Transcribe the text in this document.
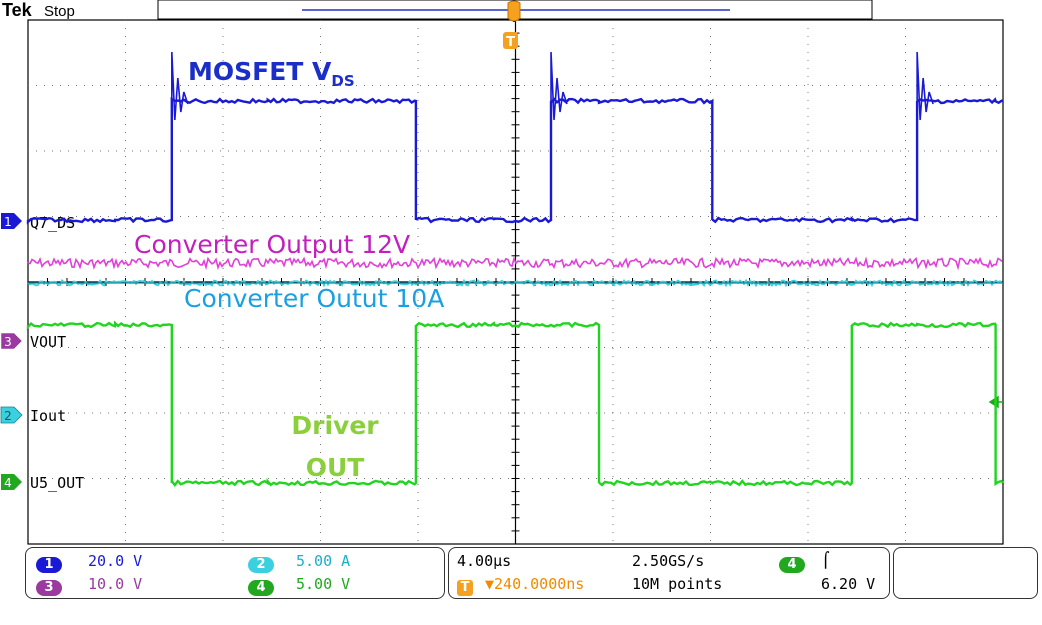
T
Tek Stop
1 Q7_DS
3 VOUT
2 Iout
4 U5_OUT
MOSFET $V_{DS}$
Converter Output 12V
Converter Outut 10A
Driver
OUT
1	20.0 V
3	10.0 V
2	5.00 A
4	5.00 V
4.00µs	2.50GS/s
T ▼240.0000ns	10M points
4	⌠
6.20 V
